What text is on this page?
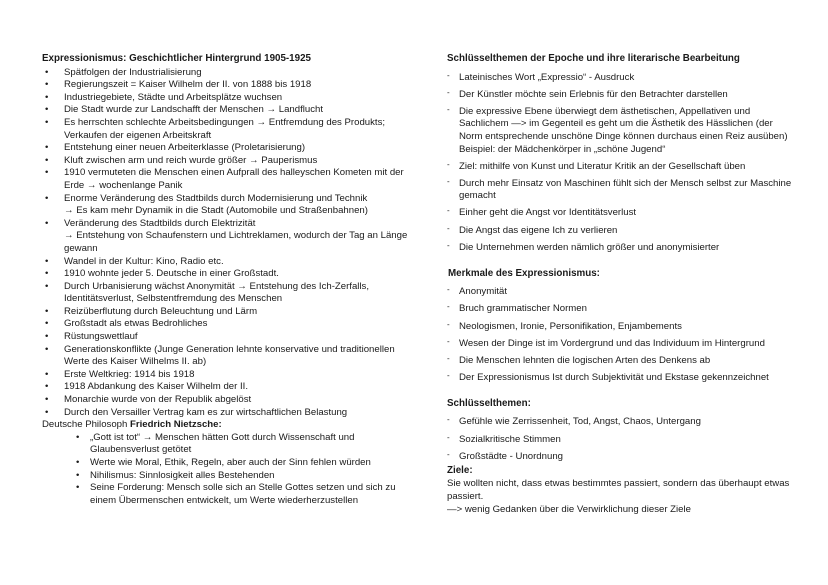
Expressionismus: Geschichtlicher Hintergrund 1905-1925
• Spätfolgen der Industrialisierung
• Regierungszeit = Kaiser Wilhelm der II. von 1888 bis 1918
• Industriegebiete, Städte und Arbeitsplätze wuchsen
• Die Stadt wurde zur Landschafft der Menschen → Landflucht
• Es herrschten schlechte Arbeitsbedingungen → Entfremdung des Produkts; Verkaufen der eigenen Arbeitskraft
• Entstehung einer neuen Arbeiterklasse (Proletarisierung)
• Kluft zwischen arm und reich wurde größer → Pauperismus
• 1910 vermuteten die Menschen einen Aufprall des halleyschen Kometen mit der Erde → wochenlange Panik
• Enorme Veränderung des Stadtbilds durch Modernisierung und Technik
→ Es kam mehr Dynamik in die Stadt (Automobile und Straßenbahnen)
• Veränderung des Stadtbilds durch Elektrizität
→ Entstehung von Schaufenstern und Lichtreklamen, wodurch der Tag an Länge gewann
• Wandel in der Kultur: Kino, Radio etc.
• 1910 wohnte jeder 5. Deutsche in einer Großstadt.
• Durch Urbanisierung wächst Anonymität → Entstehung des Ich-Zerfalls, Identitätsverlust, Selbstentfremdung des Menschen
• Reizüberflutung durch Beleuchtung und Lärm
• Großstadt als etwas Bedrohliches
• Rüstungswettlauf
• Generationskonflikte (Junge Generation lehnte konservative und traditionellen Werte des Kaiser Wilhelms II. ab)
• Erste Weltkrieg: 1914 bis 1918
• 1918 Abdankung des Kaiser Wilhelm der II.
• Monarchie wurde von der Republik abgelöst
• Durch den Versailler Vertrag kam es zur wirtschaftlichen Belastung

Deutsche Philosoph Friedrich Nietzsche:

• „Gott ist tot“ → Menschen hätten Gott durch Wissenschaft und Glaubensverlust getötet
• Werte wie Moral, Ethik, Regeln, aber auch der Sinn fehlen würden
• Nihilismus: Sinnlosigkeit alles Bestehenden
• Seine Forderung: Mensch solle sich an Stelle Gottes setzen und sich zu einem Übermenschen entwickelt, um Werte wiederherzustellen
Schlüsselthemen der Epoche und ihre literarische Bearbeitung
- Lateinisches Wort „Expressio“ - Ausdruck
- Der Künstler möchte sein Erlebnis für den Betrachter darstellen
- Die expressive Ebene überwiegt dem ästhetischen, Appellativen und Sachlichem —> im Gegenteil es geht um die Ästhetik des Hässlichen (der Norm entsprechende unschöne Dinge können durchaus einen Reiz ausüben) Beispiel: der Mädchenkörper in „schöne Jugend“
- Ziel: mithilfe von Kunst und Literatur Kritik an der Gesellschaft üben
- Durch mehr Einsatz von Maschinen fühlt sich der Mensch selbst zur Maschine gemacht
- Einher geht die Angst vor Identitätsverlust
- Die Angst das eigene Ich zu verlieren
- Die Unternehmen werden nämlich größer und anonymisierter
Merkmale des Expressionismus:
- Anonymität
- Bruch grammatischer Normen
- Neologismen, Ironie, Personifikation, Enjambements
- Wesen der Dinge ist im Vordergrund und das Individuum im Hintergrund
- Die Menschen lehnten die logischen Arten des Denkens ab
- Der Expressionismus Ist durch Subjektivität und Ekstase gekennzeichnet
Schlüsselthemen:
- Gefühle wie Zerrissenheit, Tod, Angst, Chaos, Untergang
- Sozialkritische Stimmen
- Großstädte - Unordnung
Ziele:

Sie wollten nicht, dass etwas bestimmtes passiert, sondern das überhaupt etwas passiert.

—> wenig Gedanken über die Verwirklichung dieser Ziele
